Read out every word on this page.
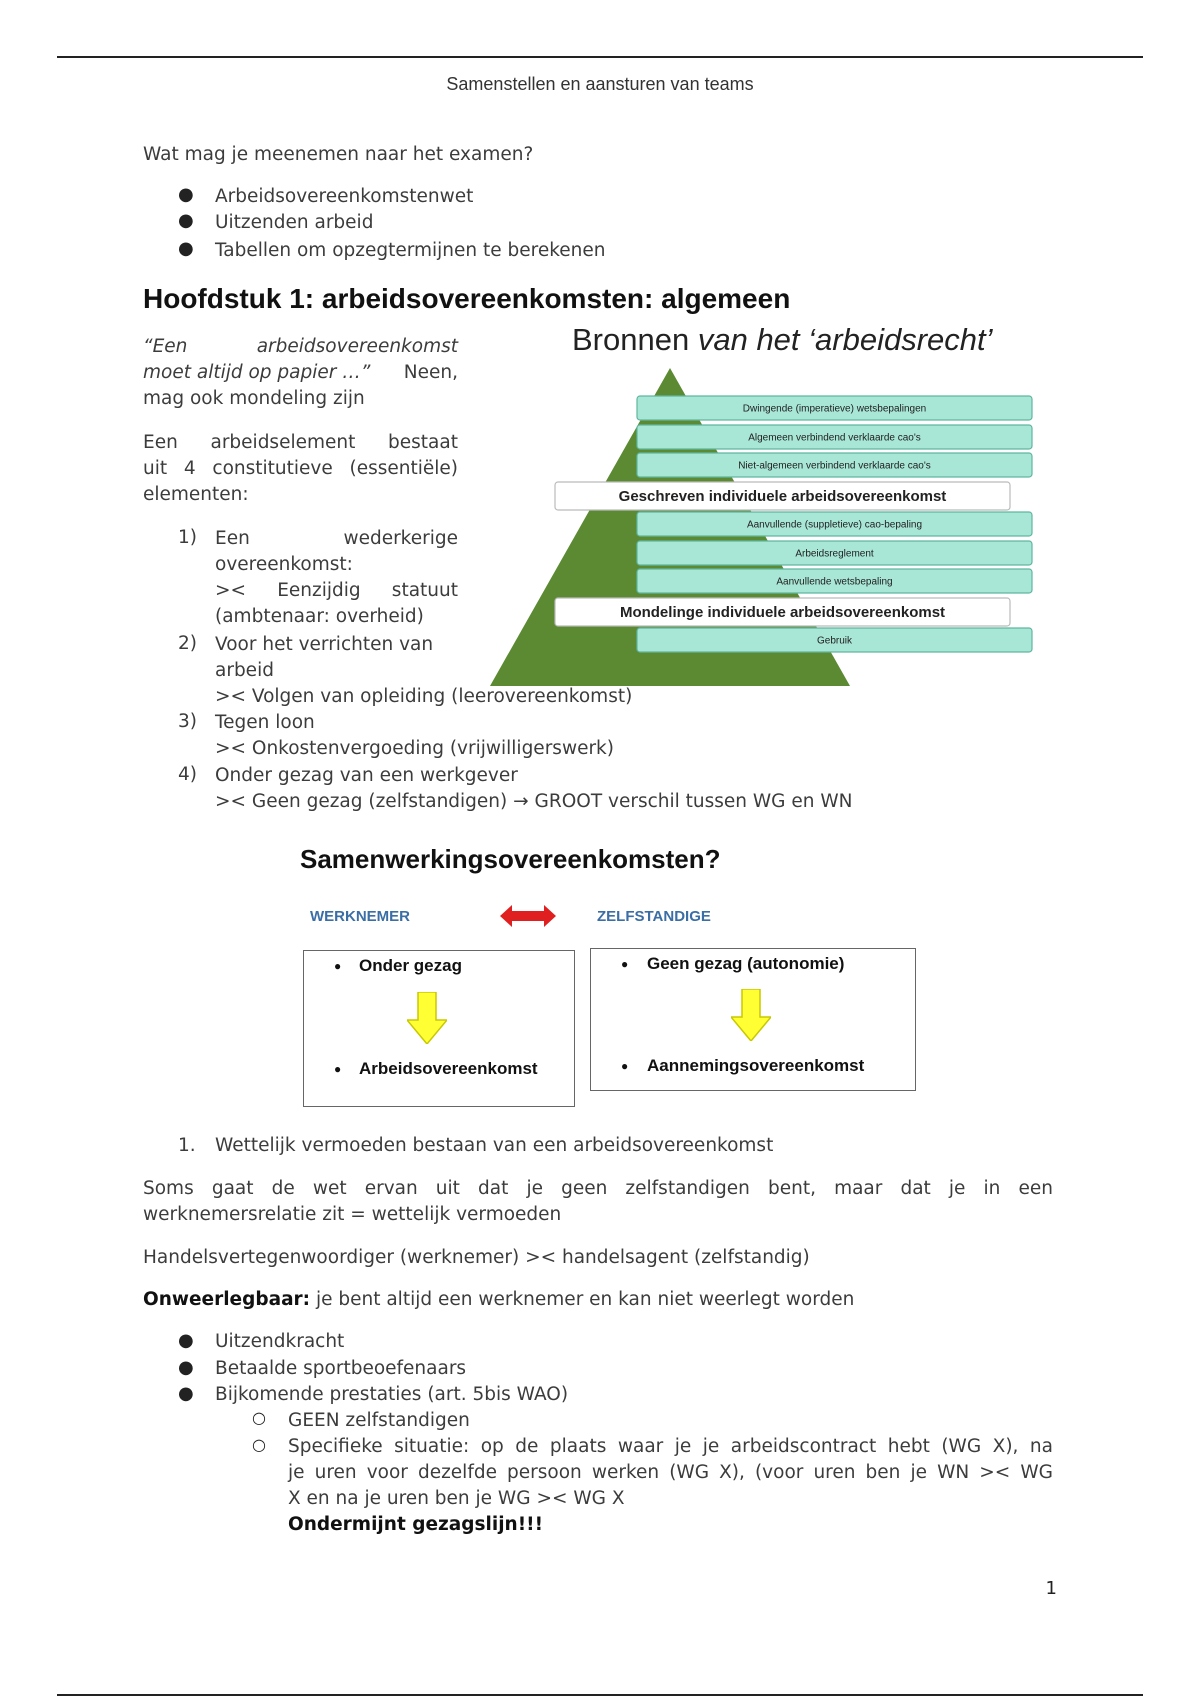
Samenstellen en aansturen van teams
Wat mag je meenemen naar het examen?
● Arbeidsovereenkomstenwet
● Uitzenden arbeid
● Tabellen om opzegtermijnen te berekenen
Hoofdstuk 1: arbeidsovereenkomsten: algemeen
“Een arbeidsovereenkomst
moet altijd op papier …” Neen,
mag ook mondeling zijn
Een arbeidselement bestaat
uit 4 constitutieve (essentiële)
elementen:
1) Een wederkerige
overeenkomst:
>< Eenzijdig statuut
(ambtenaar: overheid)
2) Voor het verrichten van
arbeid
>< Volgen van opleiding (leerovereenkomst)
3) Tegen loon
>< Onkostenvergoeding (vrijwilligerswerk)
4) Onder gezag van een werkgever
>< Geen gezag (zelfstandigen) → GROOT verschil tussen WG en WN
Bronnen van het ‘arbeidsrecht’
Dwingende (imperatieve) wetsbepalingen
Algemeen verbindend verklaarde cao's
Niet-algemeen verbindend verklaarde cao's
Geschreven individuele arbeidsovereenkomst
Aanvullende (suppletieve) cao-bepaling
Arbeidsreglement
Aanvullende wetsbepaling
Mondelinge individuele arbeidsovereenkomst
Gebruik
Samenwerkingsovereenkomsten?
WERKNEMER	ZELFSTANDIGE
● Onder gezag
● Arbeidsovereenkomst
● Geen gezag (autonomie)
● Aannemingsovereenkomst
1. Wettelijk vermoeden bestaan van een arbeidsovereenkomst
Soms gaat de wet ervan uit dat je geen zelfstandigen bent, maar dat je in een
werknemersrelatie zit = wettelijk vermoeden
Handelsvertegenwoordiger (werknemer) >< handelsagent (zelfstandig)
Onweerlegbaar: je bent altijd een werknemer en kan niet weerlegt worden
● Uitzendkracht
● Betaalde sportbeoefenaars
● Bijkomende prestaties (art. 5bis WAO)
○ GEEN zelfstandigen
○ Specifieke situatie: op de plaats waar je je arbeidscontract hebt (WG X), na
je uren voor dezelfde persoon werken (WG X), (voor uren ben je WN >< WG
X en na je uren ben je WG >< WG X
Ondermijnt gezagslijn!!!
1
